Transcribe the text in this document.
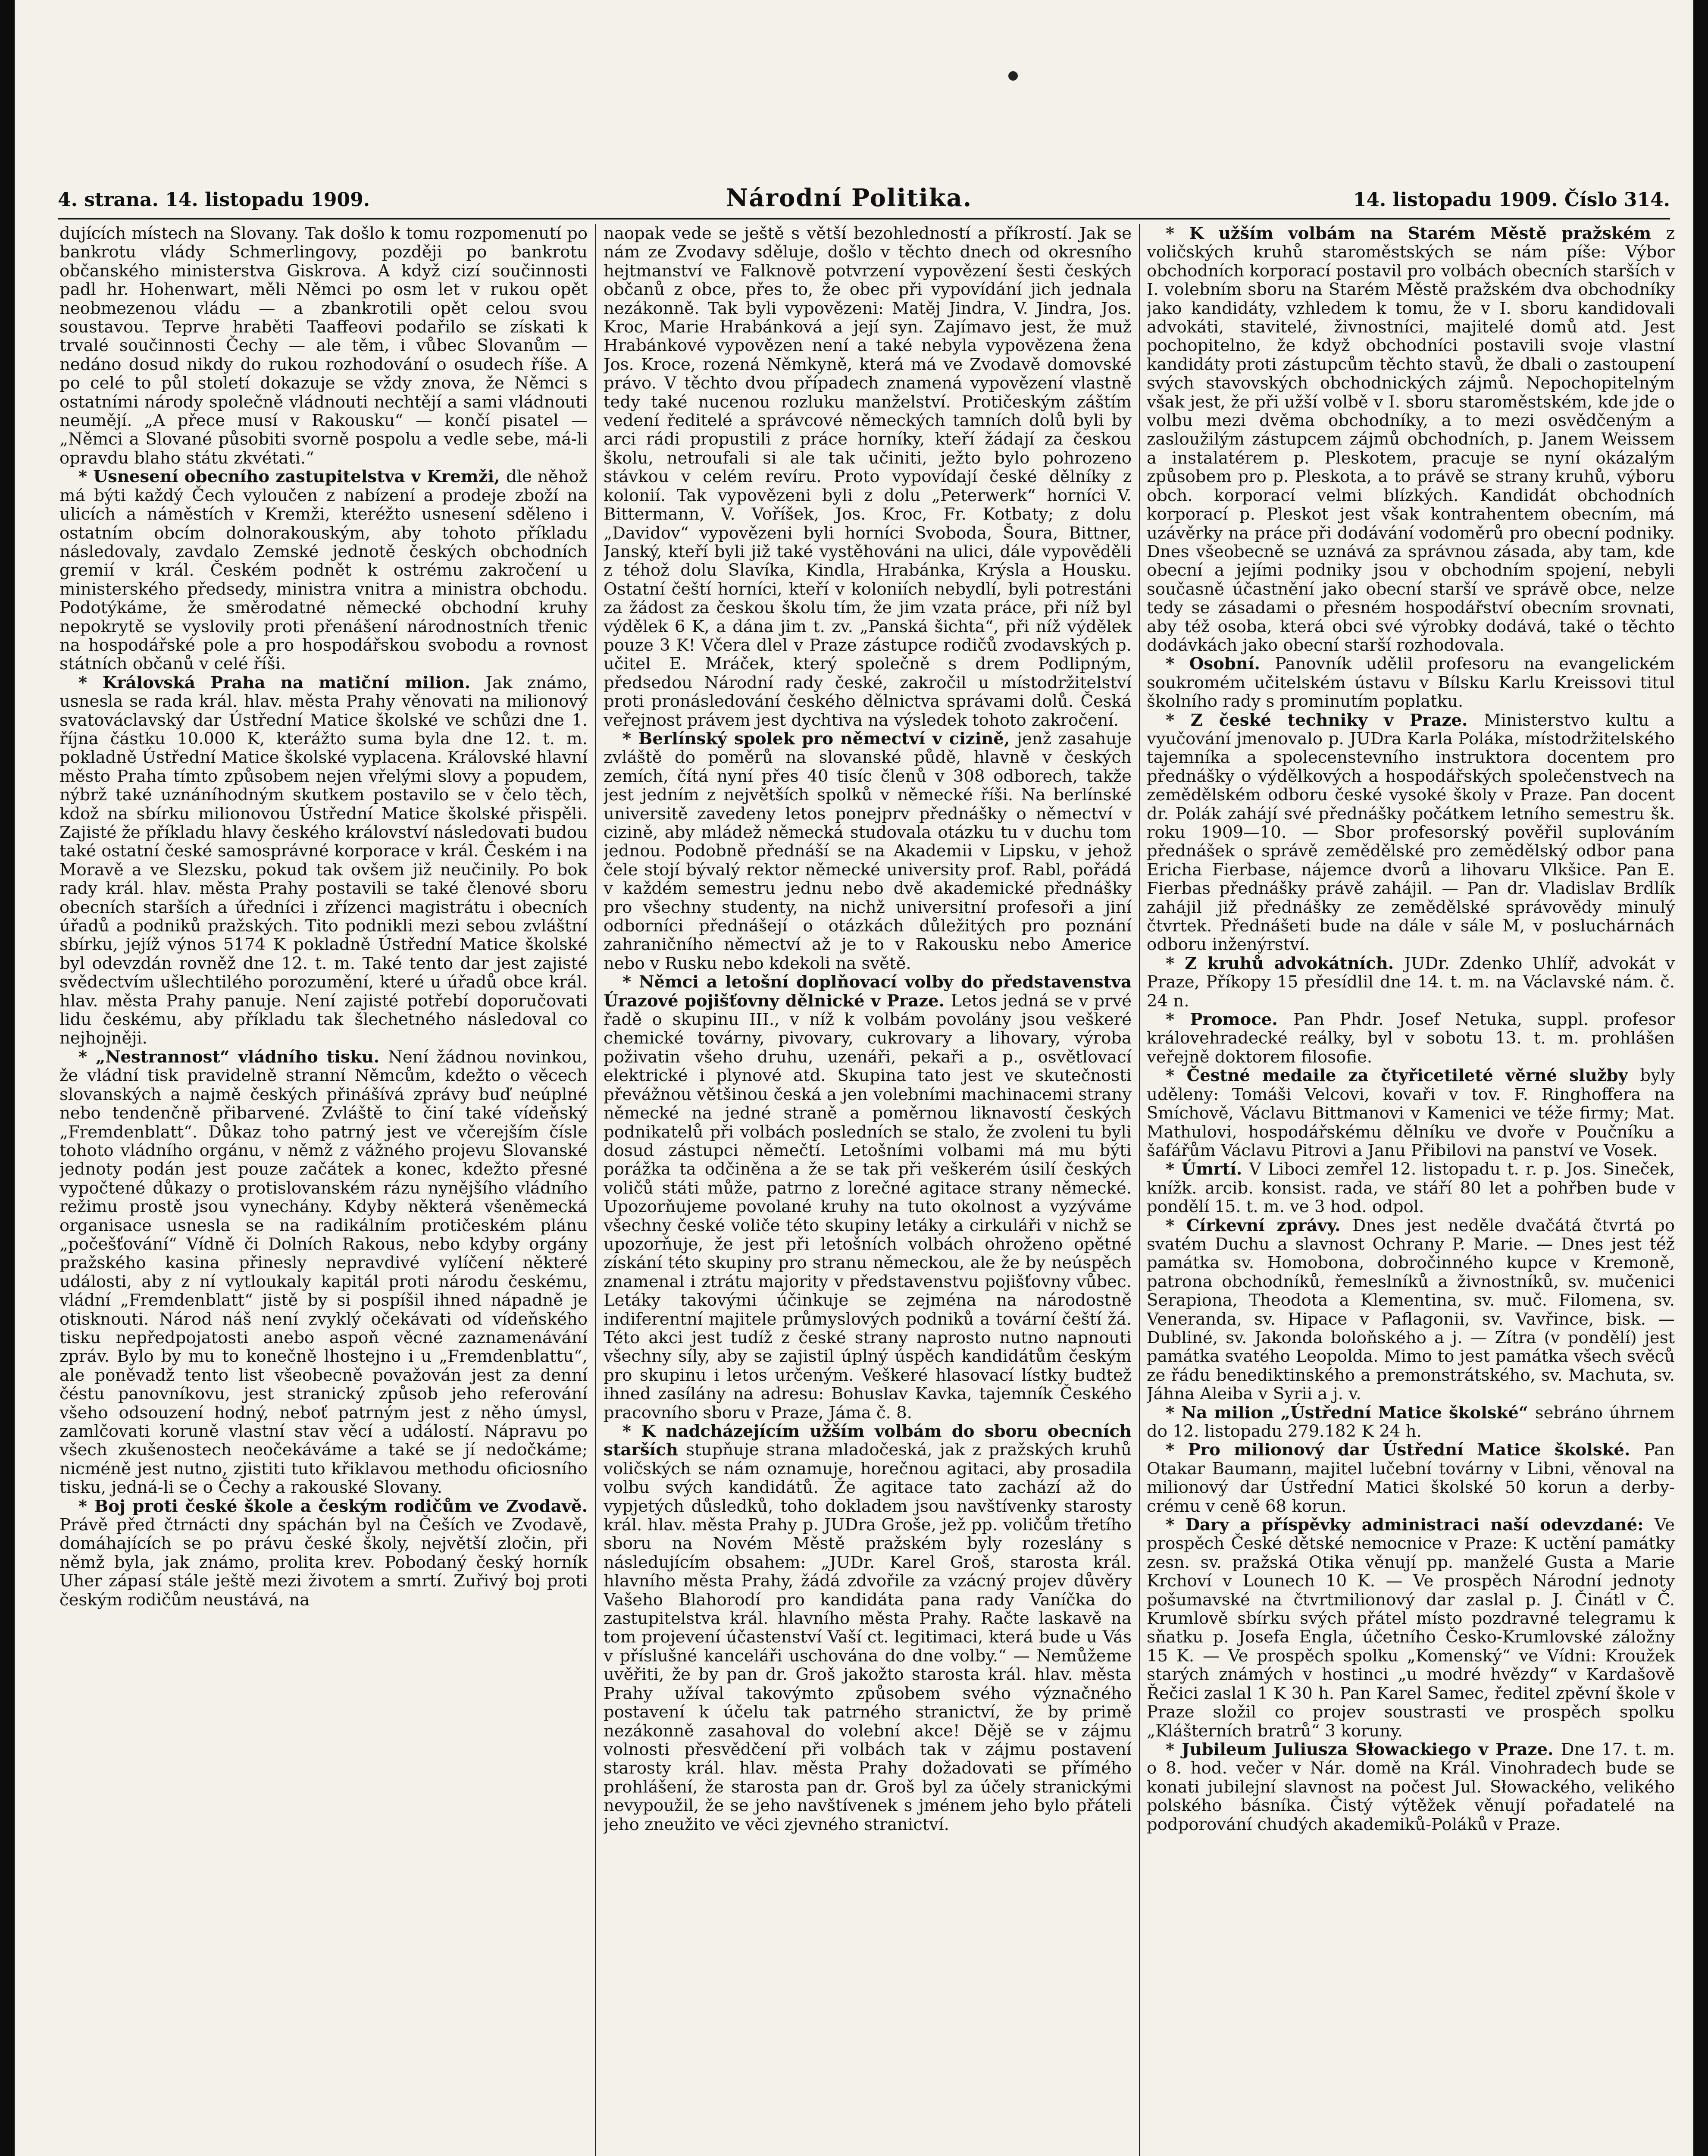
4. strana. 14. listopadu 1909.	Národní Politika.	14. listopadu 1909. Číslo 314.

dujících místech na Slovany. Tak došlo k tomu rozpomenutí po bankrotu vlády Schmerlingovy, později po bankrotu občanského ministerstva Giskrova. A když cizí součinnosti padl hr. Hohenwart, měli Němci po osm let v rukou opět neobmezenou vládu — a zbankrotili opět celou svou soustavou. Teprve hraběti Taaffeovi podařilo se získati k trvalé součinnosti Čechy — ale těm, i vůbec Slovanům — nedáno dosud nikdy do rukou rozhodování o osudech říše. A po celé to půl století dokazuje se vždy znova, že Němci s ostatními národy společně vládnouti nechtějí a sami vládnouti neumějí. „A přece musí v Rakousku“ — končí pisatel — „Němci a Slované působiti svorně pospolu a vedle sebe, má-li opravdu blaho státu zkvétati.“

* Usnesení obecního zastupitelstva v Kremži, dle něhož má býti každý Čech vyloučen z nabízení a prodeje zboží na ulicích a náměstích v Kremži, kteréžto usnesení sděleno i ostatním obcím dolnorakouským, aby tohoto příkladu následovaly, zavdalo Zemské jednotě českých obchodních gremií v král. Českém podnět k ostrému zakročení u ministerského předsedy, ministra vnitra a ministra obchodu. Podotýkáme, že směrodatné německé obchodní kruhy nepokrytě se vyslovily proti přenášení národnostních třenic na hospodářské pole a pro hospodářskou svobodu a rovnost státních občanů v celé říši.

* Královská Praha na matiční milion. Jak známo, usnesla se rada král. hlav. města Prahy věnovati na milionový svatováclavský dar Ústřední Matice školské ve schůzi dne 1. října částku 10.000 K, kterážto suma byla dne 12. t. m. pokladně Ústřední Matice školské vyplacena. Královské hlavní město Praha tímto způsobem nejen vřelými slovy a popudem, nýbrž také uznáníhodným skutkem postavilo se v čelo těch, kdož na sbírku milionovou Ústřední Matice školské přispěli. Zajisté že příkladu hlavy českého království následovati budou také ostatní české samosprávné korporace v král. Českém i na Moravě a ve Slezsku, pokud tak ovšem již neučinily. Po bok rady král. hlav. města Prahy postavili se také členové sboru obecních starších a úředníci i zřízenci magistrátu i obecních úřadů a podniků pražských. Tito podnikli mezi sebou zvláštní sbírku, jejíž výnos 5174 K pokladně Ústřední Matice školské byl odevzdán rovněž dne 12. t. m. Také tento dar jest zajisté svědectvím ušlechtilého porozumění, které u úřadů obce král. hlav. města Prahy panuje. Není zajisté potřebí doporučovati lidu českému, aby příkladu tak šlechetného následoval co nejhojněji.

* „Nestrannost“ vládního tisku. Není žádnou novinkou, že vládní tisk pravidelně stranní Němcům, kdežto o věcech slovanských a najmě českých přinášívá zprávy buď neúplné nebo tendenčně přibarvené. Zvláště to činí také vídeňský „Fremdenblatt“. Důkaz toho patrný jest ve včerejším čísle tohoto vládního orgánu, v němž z vážného projevu Slovanské jednoty podán jest pouze začátek a konec, kdežto přesné vypočtené důkazy o protislovanském rázu nynějšího vládního režimu prostě jsou vynechány. Kdyby některá všeněmecká organisace usnesla se na radikálním protičeském plánu „počešťování“ Vídně či Dolních Rakous, nebo kdyby orgány pražského kasina přinesly nepravdivé vylíčení některé události, aby z ní vytloukaly kapitál proti národu českému, vládní „Fremdenblatt“ jistě by si pospíšil ihned nápadně je otisknouti. Národ náš není zvyklý očekávati od vídeňského tisku nepředpojatosti anebo aspoň věcné zaznamenávání zpráv. Bylo by mu to konečně lhostejno i u „Fremdenblattu“, ale poněvadž tento list všeobecně považován jest za denní čéstu panovníkovu, jest stranický způsob jeho referování všeho odsouzení hodný, neboť patrným jest z něho úmysl, zamlčovati koruně vlastní stav věcí a událostí. Nápravu po všech zkušenostech neočekáváme a také se jí nedočkáme; nicméně jest nutno, zjistiti tuto křiklavou methodu oficiosního tisku, jedná-li se o Čechy a rakouské Slovany.

* Boj proti české škole a českým rodičům ve Zvodavě. Právě před čtrnácti dny spáchán byl na Češích ve Zvodavě, domáhajících se po právu české školy, největší zločin, při němž byla, jak známo, prolita krev. Pobodaný český horník Uher zápasí stále ještě mezi životem a smrtí. Zuřivý boj proti českým rodičům neustává, na

naopak vede se ještě s větší bezohledností a příkrostí. Jak se nám ze Zvodavy sděluje, došlo v těchto dnech od okresního hejtmanství ve Falknově potvrzení vypovězení šesti českých občanů z obce, přes to, že obec při vypovídání jich jednala nezákonně. Tak byli vypovězeni: Matěj Jindra, V. Jindra, Jos. Kroc, Marie Hrabánková a její syn. Zajímavo jest, že muž Hrabánkové vypovězen není a také nebyla vypovězena žena Jos. Kroce, rozená Němkyně, která má ve Zvodavě domovské právo. V těchto dvou případech znamená vypovězení vlastně tedy také nucenou rozluku manželství. Protičeským záštím vedení ředitelé a správcové německých tamních dolů byli by arci rádi propustili z práce horníky, kteří žádají za českou školu, netroufali si ale tak učiniti, ježto bylo pohrozeno stávkou v celém revíru. Proto vypovídají české dělníky z kolonií. Tak vypovězeni byli z dolu „Peterwerk“ horníci V. Bittermann, V. Voříšek, Jos. Kroc, Fr. Kotbaty; z dolu „Davidov“ vypovězeni byli horníci Svoboda, Šoura, Bittner, Janský, kteří byli již také vystěhováni na ulici, dále vypověděli z téhož dolu Slavíka, Kindla, Hrabánka, Krýsla a Housku. Ostatní čeští horníci, kteří v koloniích nebydlí, byli potrestáni za žádost za českou školu tím, že jim vzata práce, při níž byl výdělek 6 K, a dána jim t. zv. „Panská šichta“, při níž výdělek pouze 3 K! Včera dlel v Praze zástupce rodičů zvodavských p. učitel E. Mráček, který společně s drem Podlipným, předsedou Národní rady české, zakročil u místodržitelství proti pronásledování českého dělnictva správami dolů. Česká veřejnost právem jest dychtiva na výsledek tohoto zakročení.

* Berlínský spolek pro němectví v cizině, jenž zasahuje zvláště do poměrů na slovanské půdě, hlavně v českých zemích, čítá nyní přes 40 tisíc členů v 308 odborech, takže jest jedním z největších spolků v německé říši. Na berlínské universitě zavedeny letos ponejprv přednášky o němectví v cizině, aby mládež německá studovala otázku tu v duchu tom jednou. Podobně přednáší se na Akademii v Lipsku, v jehož čele stojí bývalý rektor německé university prof. Rabl, pořádá v každém semestru jednu nebo dvě akademické přednášky pro všechny studenty, na nichž universitní profesoři a jiní odborníci přednášejí o otázkách důležitých pro poznání zahraničního němectví až je to v Rakousku nebo Americe nebo v Rusku nebo kdekoli na světě.

* Němci a letošní doplňovací volby do představenstva Úrazové pojišťovny dělnické v Praze. Letos jedná se v prvé řadě o skupinu III., v níž k volbám povolány jsou veškeré chemické továrny, pivovary, cukrovary a lihovary, výroba poživatin všeho druhu, uzenáři, pekaři a p., osvětlovací elektrické i plynové atd. Skupina tato jest ve skutečnosti převážnou většinou česká a jen volebními machinacemi strany německé na jedné straně a poměrnou liknavostí českých podnikatelů při volbách posledních se stalo, že zvoleni tu byli dosud zástupci němečtí. Letošními volbami má mu býti porážka ta odčiněna a že se tak při veškerém úsilí českých voličů státi může, patrno z lorečné agitace strany německé. Upozorňujeme povolané kruhy na tuto okolnost a vyzýváme všechny české voliče této skupiny letáky a cirkuláři v nichž se upozorňuje, že jest při letošních volbách ohroženo opětné získání této skupiny pro stranu německou, ale že by neúspěch znamenal i ztrátu majority v představenstvu pojišťovny vůbec. Letáky takovými účinkuje se zejména na národostně indiferentní majitele průmyslových podniků a tovární čeští žá. Této akci jest tudíž z české strany naprosto nutno napnouti všechny síly, aby se zajistil úplný úspěch kandidátům českým pro skupinu i letos určeným. Veškeré hlasovací lístky budtež ihned zasílány na adresu: Bohuslav Kavka, tajemník Českého pracovního sboru v Praze, Jáma č. 8.

* K nadcházejícím užším volbám do sboru obecních starších stupňuje strana mladočeská, jak z pražských kruhů voličských se nám oznamuje, horečnou agitaci, aby prosadila volbu svých kandidátů. Že agitace tato zachází až do vypjetých důsledků, toho dokladem jsou navštívenky starosty král. hlav. města Prahy p. JUDra Groše, jež pp. voličům třetího sboru na Novém Městě pražském byly rozeslány s následujícím obsahem: „JUDr. Karel Groš, starosta král. hlavního města Prahy, žádá zdvořile za vzácný projev důvěry Vašeho Blahorodí pro kandidáta pana rady Vaníčka do zastupitelstva král. hlavního města Prahy. Račte laskavě na tom projevení účastenství Vaší ct. legitimaci, která bude u Vás v příslušné kanceláři uschována do dne volby.“ — Nemůžeme uvěřiti, že by pan dr. Groš jakožto starosta král. hlav. města Prahy užíval takovýmto způsobem svého význačného postavení k účelu tak patrného stranictví, že by primě nezákonně zasahoval do volební akce! Dějě se v zájmu volnosti přesvědčení při volbách tak v zájmu postavení starosty král. hlav. města Prahy dožadovati se přímého prohlášení, že starosta pan dr. Groš byl za účely stranickými nevypoužil, že se jeho navštívenek s jménem jeho bylo přáteli jeho zneužito ve věci zjevného stranictví.

* K užším volbám na Starém Městě pražském z voličských kruhů staroměstských se nám píše: Výbor obchodních korporací postavil pro volbách obecních starších v I. volebním sboru na Starém Městě pražském dva obchodníky jako kandidáty, vzhledem k tomu, že v I. sboru kandidovali advokáti, stavitelé, živnostníci, majitelé domů atd. Jest pochopitelno, že když obchodníci postavili svoje vlastní kandidáty proti zástupcům těchto stavů, že dbali o zastoupení svých stavovských obchodnických zájmů. Nepochopitelným však jest, že při užší volbě v I. sboru staroměstském, kde jde o volbu mezi dvěma obchodníky, a to mezi osvědčeným a zasloužilým zástupcem zájmů obchodních, p. Janem Weissem a instalatérem p. Pleskotem, pracuje se nyní okázalým způsobem pro p. Pleskota, a to právě se strany kruhů, výboru obch. korporací velmi blízkých. Kandidát obchodních korporací p. Pleskot jest však kontrahentem obecním, má uzávěrky na práce při dodávání vodoměrů pro obecní podniky. Dnes všeobecně se uznává za správnou zásada, aby tam, kde obecní a jejími podniky jsou v obchodním spojení, nebyli současně účastnění jako obecní starší ve správě obce, nelze tedy se zásadami o přesném hospodářství obecním srovnati, aby též osoba, která obci své výrobky dodává, také o těchto dodávkách jako obecní starší rozhodovala.

* Osobní. Panovník udělil profesoru na evangelickém soukromém učitelském ústavu v Bílsku Karlu Kreissovi titul školního rady s prominutím poplatku.

* Z české techniky v Praze. Ministerstvo kultu a vyučování jmenovalo p. JUDra Karla Poláka, místodržitelského tajemníka a spolecenstevního instruktora docentem pro přednášky o výdělkových a hospodářských společenstvech na zemědělském odboru české vysoké školy v Praze. Pan docent dr. Polák zahájí své přednášky počátkem letního semestru šk. roku 1909—10. — Sbor profesorský pověřil suplováním přednášek o správě zemědělské pro zemědělský odbor pana Ericha Fierbase, nájemce dvorů a lihovaru Vlkšice. Pan E. Fierbas přednášky právě zahájil. — Pan dr. Vladislav Brdlík zahájil již přednášky ze zemědělské správovědy minulý čtvrtek. Přednášeti bude na dále v sále M, v posluchárnách odboru inženýrství.

* Z kruhů advokátních. JUDr. Zdenko Uhlíř, advokát v Praze, Příkopy 15 přesídlil dne 14. t. m. na Václavské nám. č. 24 n.

* Promoce. Pan Phdr. Josef Netuka, suppl. profesor královehradecké reálky, byl v sobotu 13. t. m. prohlášen veřejně doktorem filosofie.

* Čestné medaile za čtyřicetileté věrné služby byly uděleny: Tomáši Velcovi, kovaři v tov. F. Ringhoffera na Smíchově, Václavu Bittmanovi v Kamenici ve téže firmy; Mat. Mathulovi, hospodářskému dělníku ve dvoře v Poučníku a šafářům Václavu Pitrovi a Janu Přibilovi na panství ve Vosek.

* Úmrtí. V Liboci zemřel 12. listopadu t. r. p. Jos. Sineček, knížk. arcib. konsist. rada, ve stáří 80 let a pohřben bude v pondělí 15. t. m. ve 3 hod. odpol.

* Církevní zprávy. Dnes jest neděle dvačátá čtvrtá po svatém Duchu a slavnost Ochrany P. Marie. — Dnes jest též památka sv. Homobona, dobročinného kupce v Kremoně, patrona obchodníků, řemeslníků a živnostníků, sv. mučenici Serapiona, Theodota a Klementina, sv. muč. Filomena, sv. Veneranda, sv. Hipace v Paflagonii, sv. Vavřince, bisk. — Dubliné, sv. Jakonda boloňského a j. — Zítra (v pondělí) jest památka svatého Leopolda. Mimo to jest památka všech svěců ze řádu benediktinského a premonstrátského, sv. Machuta, sv. Jáhna Aleiba v Syrii a j. v.

* Na milion „Ústřední Matice školské“ sebráno úhrnem do 12. listopadu 279.182 K 24 h.

* Pro milionový dar Ústřední Matice školské. Pan Otakar Baumann, majitel lučební továrny v Libni, věnoval na milionový dar Ústřední Matici školské 50 korun a derby-crému v ceně 68 korun.

* Dary a příspěvky administraci naší odevzdané: Ve prospěch České dětské nemocnice v Praze: K uctění památky zesn. sv. pražská Otika věnují pp. manželé Gusta a Marie Krchoví v Lounech 10 K. — Ve prospěch Národní jednoty pošumavské na čtvrtmilionový dar zaslal p. J. Činátl v Č. Krumlově sbírku svých přátel místo pozdravné telegramu k sňatku p. Josefa Engla, účetního Česko-Krumlovské záložny 15 K. — Ve prospěch spolku „Komenský“ ve Vídni: Kroužek starých známých v hostinci „u modré hvězdy“ v Kardašově Řečici zaslal 1 K 30 h. Pan Karel Samec, ředitel zpěvní škole v Praze složil co projev soustrasti ve prospěch spolku „Klášterních bratrů“ 3 koruny.

* Jubileum Juliusza Słowackiego v Praze. Dne 17. t. m. o 8. hod. večer v Nár. domě na Král. Vinohradech bude se konati jubilejní slavnost na počest Jul. Słowackého, velikého polského básníka. Čistý výtěžek věnují pořadatelé na podporování chudých akademiků-Poláků v Praze.
